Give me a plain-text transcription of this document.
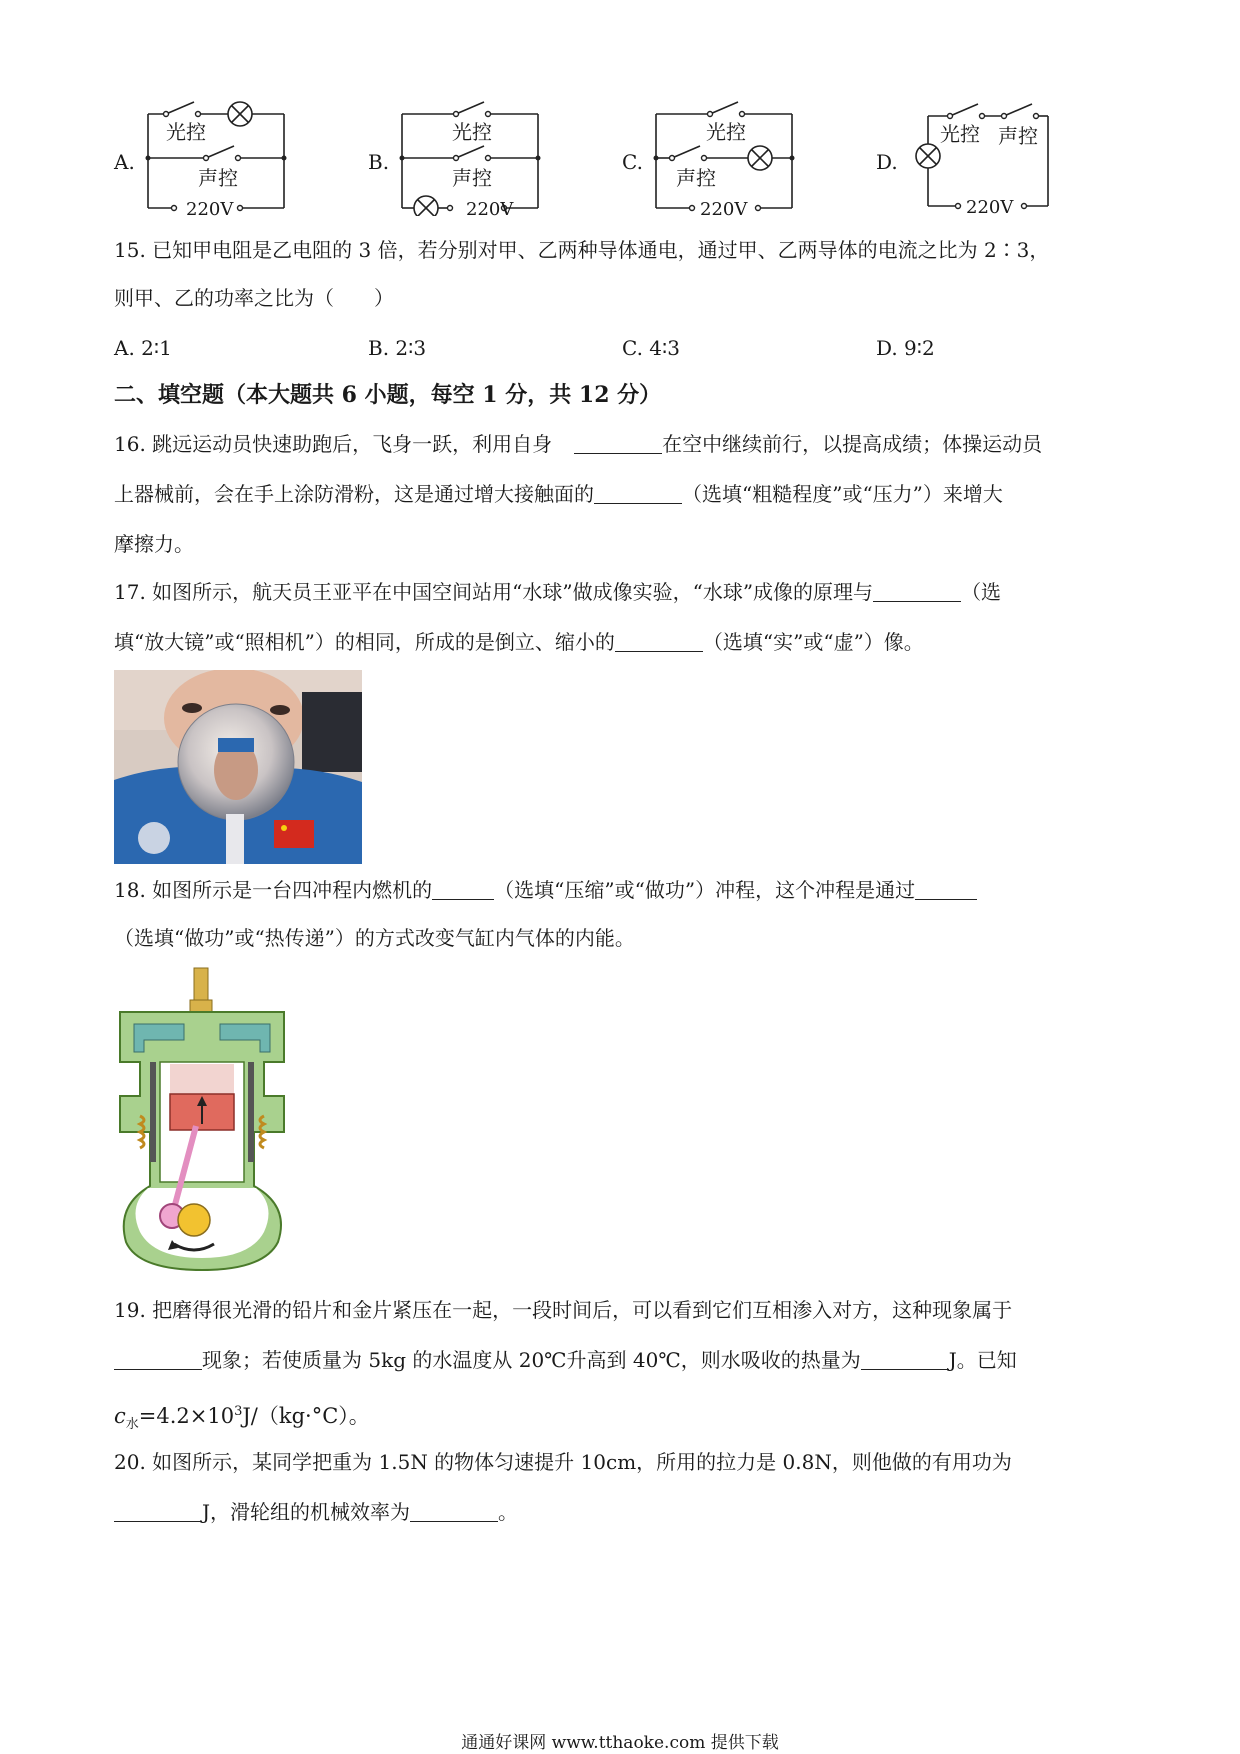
A.
光控
声控
220V
B.
光控
声控
220V
C.
光控
声控
220V
D.
光控 声控
220V
15. 已知甲电阻是乙电阻的 3 倍，若分别对甲、乙两种导体通电，通过甲、乙两导体的电流之比为 2∶3，
则甲、乙的功率之比为（　　）
A. 2∶1	B. 2∶3	C. 4∶3	D. 9∶2
二、填空题（本大题共 6 小题，每空 1 分，共 12 分）
16. 跳远运动员快速助跑后，飞身一跃，利用自身	在空中继续前行，以提高成绩；体操运动员
上器械前，会在手上涂防滑粉，这是通过增大接触面的	（选填“粗糙程度”或“压力”）来增大
摩擦力。
17. 如图所示，航天员王亚平在中国空间站用“水球”做成像实验，“水球”成像的原理与	（选
填“放大镜”或“照相机”）的相同，所成的是倒立、缩小的	（选填“实”或“虚”）像。
18. 如图所示是一台四冲程内燃机的	（选填“压缩”或“做功”）冲程，这个冲程是通过
（选填“做功”或“热传递”）的方式改变气缸内气体的内能。
19. 把磨得很光滑的铅片和金片紧压在一起，一段时间后，可以看到它们互相渗入对方，这种现象属于
现象；若使质量为 5kg 的水温度从 20℃升高到 40℃，则水吸收的热量为	J。已知
$c_水=4.2\times 10^3J/(kg\cdot^\circ C)$。
20. 如图所示，某同学把重为 1.5N 的物体匀速提升 10cm，所用的拉力是 0.8N，则他做的有用功为
J，滑轮组的机械效率为	。
通通好课网 www.tthaoke.com 提供下载
